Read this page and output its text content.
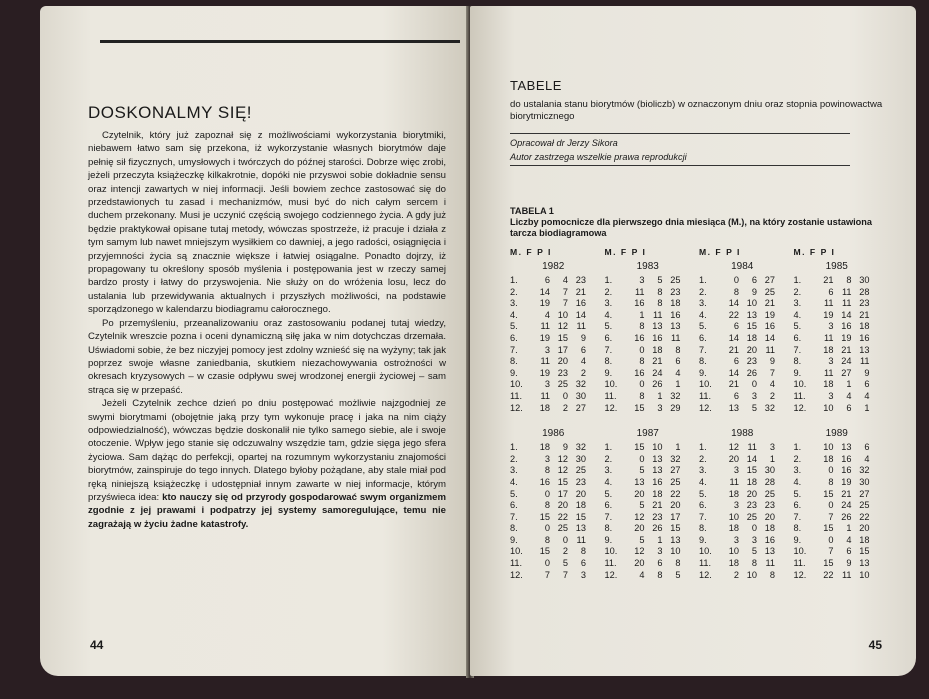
DOSKONALMY SIĘ!

Czytelnik, który już zapoznał się z możliwościami wykorzystania biorytmiki, niebawem łatwo sam się przekona, iż wykorzystanie własnych biorytmów daje pełnię sił fizycznych, umysłowych i twórczych do późnej starości. Dobrze więc zrobi, jeżeli przeczyta książeczkę kilkakrotnie, dopóki nie przyswoi sobie dokładnie sensu oraz intencji zawartych w niej informacji. Jeśli bowiem zechce zastosować się do przedstawionych tu zasad i mechanizmów, musi być do nich całym sercem i duchem przekonany. Musi je uczynić częścią swojego codziennego życia. A gdy już będzie praktykował opisane tutaj metody, wówczas spostrzeże, iż pracuje i działa z tym samym lub nawet mniejszym wysiłkiem co dawniej, a jego radości, osiągnięcia i przyjemności życia są znacznie większe i łatwiej osiągalne. Ponadto dojrzy, iż propagowany tu określony sposób myślenia i postępowania jest w rzeczy samej bardzo prosty i łatwy do przyswojenia. Nie służy on do wróżenia losu, lecz do ustalania lub przewidywania aktualnych i przyszłych możliwości, na podstawie sporządzonego w kalendarzu biodiagramu całorocznego.

Po przemyśleniu, przeanalizowaniu oraz zastosowaniu podanej tutaj wiedzy, Czytelnik wreszcie pozna i oceni dynamiczną siłę jaka w nim dotychczas drzemała. Uświadomi sobie, że bez niczyjej pomocy jest zdolny wznieść się na wyżyny; tak jak poprzez swoje własne zaniedbania, skutkiem niezachowywania ostrożności w okresach kryzysowych – w czasie odpływu swej wrodzonej energii życiowej – sam strąca się w przepaść.

Jeżeli Czytelnik zechce dzień po dniu postępować możliwie najzgodniej ze swymi biorytmami (obojętnie jaką przy tym wykonuje pracę i jaka na nim ciąży odpowiedzialność), wówczas będzie doskonalił nie tylko samego siebie, ale i swoje otoczenie. Wpływ jego stanie się odczuwalny wszędzie tam, gdzie sięga jego sfera życiowa. Sam dążąc do perfekcji, opartej na rozumnym wykorzystaniu znajomości biorytmów, zainspiruje do tego innych. Dlatego byłoby pożądane, aby stale miał pod ręką niniejszą książeczkę i udostępniał innym zawarte w niej informacje, którym przyświeca idea: kto nauczy się od przyrody gospodarować swym organizmem zgodnie z jej prawami i podpatrzy jej systemy samoregulujące, temu nie zagrażają w życiu żadne katastrofy.

44
TABELE
do ustalania stanu biorytmów (bioliczb) w oznaczonym dniu oraz stopnia powinowactwa biorytmicznego
Opracował dr Jerzy Sikora
Autor zastrzega wszelkie prawa reprodukcji
TABELA 1
Liczby pomocnicze dla pierwszego dnia miesiąca (M.), na który zostanie ustawiona tarcza biodiagramowa
M. F P I	M. F P I	M. F P I	M. F P I
1982
1.	6	4 23
2.	14	7 21
3.	19	7 16
4.	4 10 14
5.	11 12 11
6.	19 15	9
7.	3 17	6
8.	11 20	4
9.	19 23	2
10.	3 25 32
11.	11	0 30
12.	18	2 27
1983
1.	3	5 25
2.	11	8 23
3.	16	8 18
4.	1 11 16
5.	8 13 13
6.	16 16 11
7.	0 18	8
8.	8 21	6
9.	16 24	4
10.	0 26	1
11.	8	1 32
12.	15	3 29
1984
1.	0	6 27
2.	8	9 25
3.	14 10 21
4.	22 13 19
5.	6 15 16
6.	14 18 14
7.	21 20 11
8.	6 23	9
9.	14 26	7
10.	21	0	4
11.	6	3	2
12.	13	5 32
1985
1.	21	8 30
2.	6 11 28
3.	11 11 23
4.	19 14 21
5.	3 16 18
6.	11 19 16
7.	18 21 13
8.	3 24 11
9.	11 27	9
10.	18	1	6
11.	3	4	4
12.	10	6	1
1986
1.	18	9 32
2.	3 12 30
3.	8 12 25
4.	16 15 23
5.	0 17 20
6.	8 20 18
7.	15 22 15
8.	0 25 13
9.	8	0 11
10.	15	2	8
11.	0	5	6
12.	7	7	3
1987
1.	15 10	1
2.	0 13 32
3.	5 13 27
4.	13 16 25
5.	20 18 22
6.	5 21 20
7.	12 23 17
8.	20 26 15
9.	5	1 13
10.	12	3 10
11.	20	6	8
12.	4	8	5
1988
1.	12 11	3
2.	20 14	1
3.	3 15 30
4.	11 18 28
5.	18 20 25
6.	3 23 23
7.	10 25 20
8.	18	0 18
9.	3	3 16
10.	10	5 13
11.	18	8 11
12.	2 10	8
1989
1.	10 13	6
2.	18 16	4
3.	0 16 32
4.	8 19 30
5.	15 21 27
6.	0 24 25
7.	7 26 22
8.	15	1 20
9.	0	4 18
10.	7	6 15
11.	15	9 13
12.	22 11 10
45
